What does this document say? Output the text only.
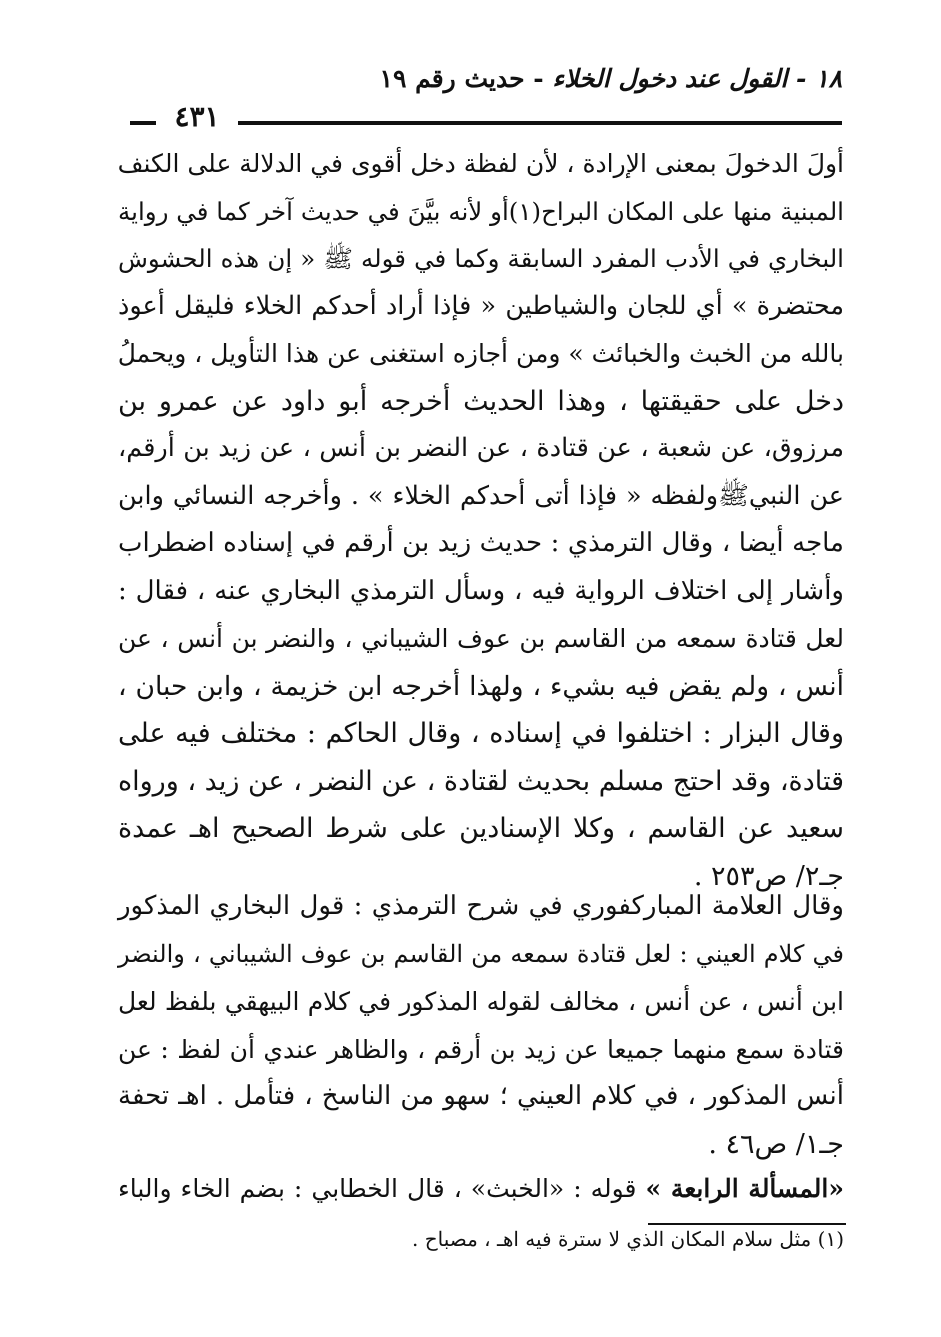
١٨ - القول عند دخول الخلاء - حديث رقم ١٩
٤٣١
أولَ الدخولَ بمعنى الإرادة ، لأن لفظة دخل أقوى في الدلالة على الكنف
المبنية منها على المكان البراح(١)أو لأنه بيَّنَ في حديث آخر كما في رواية
البخاري في الأدب المفرد السابقة وكما في قوله ﷺ « إن هذه الحشوش
محتضرة » أي للجان والشياطين « فإذا أراد أحدكم الخلاء فليقل أعوذ
بالله من الخبث والخبائث » ومن أجازه استغنى عن هذا التأويل ، ويحملُ
دخل على حقيقتها ، وهذا الحديث أخرجه أبو داود عن عمرو بن
مرزوق، عن شعبة ، عن قتادة ، عن النضر بن أنس ، عن زيد بن أرقم،
عن النبيﷺولفظه « فإذا أتى أحدكم الخلاء » . وأخرجه النسائي وابن
ماجه أيضا ، وقال الترمذي : حديث زيد بن أرقم في إسناده اضطراب
وأشار إلى اختلاف الرواية فيه ، وسأل الترمذي البخاري عنه ، فقال :
لعل قتادة سمعه من القاسم بن عوف الشيباني ، والنضر بن أنس ، عن
أنس ، ولم يقض فيه بشيء ، ولهذا أخرجه ابن خزيمة ، وابن حبان ،
وقال البزار : اختلفوا في إسناده ، وقال الحاكم : مختلف فيه على
قتادة، وقد احتج مسلم بحديث لقتادة ، عن النضر ، عن زيد ، ورواه
سعيد عن القاسم ، وكلا الإسنادين على شرط الصحيح اهـ عمدة
جـ٢/ ص٢٥٣ .
وقال العلامة المباركفوري في شرح الترمذي : قول البخاري المذكور
في كلام العيني : لعل قتادة سمعه من القاسم بن عوف الشيباني ، والنضر
ابن أنس ، عن أنس ، مخالف لقوله المذكور في كلام البيهقي بلفظ لعل
قتادة سمع منهما جميعا عن زيد بن أرقم ، والظاهر عندي أن لفظ : عن
أنس المذكور ، في كلام العيني ؛ سهو من الناسخ ، فتأمل . اهـ تحفة
جـ١/ ص٤٦ .
«المسألة الرابعة » قوله : «الخبث» ، قال الخطابي : بضم الخاء والباء
(١) مثل سلام المكان الذي لا سترة فيه اهـ ، مصباح .
